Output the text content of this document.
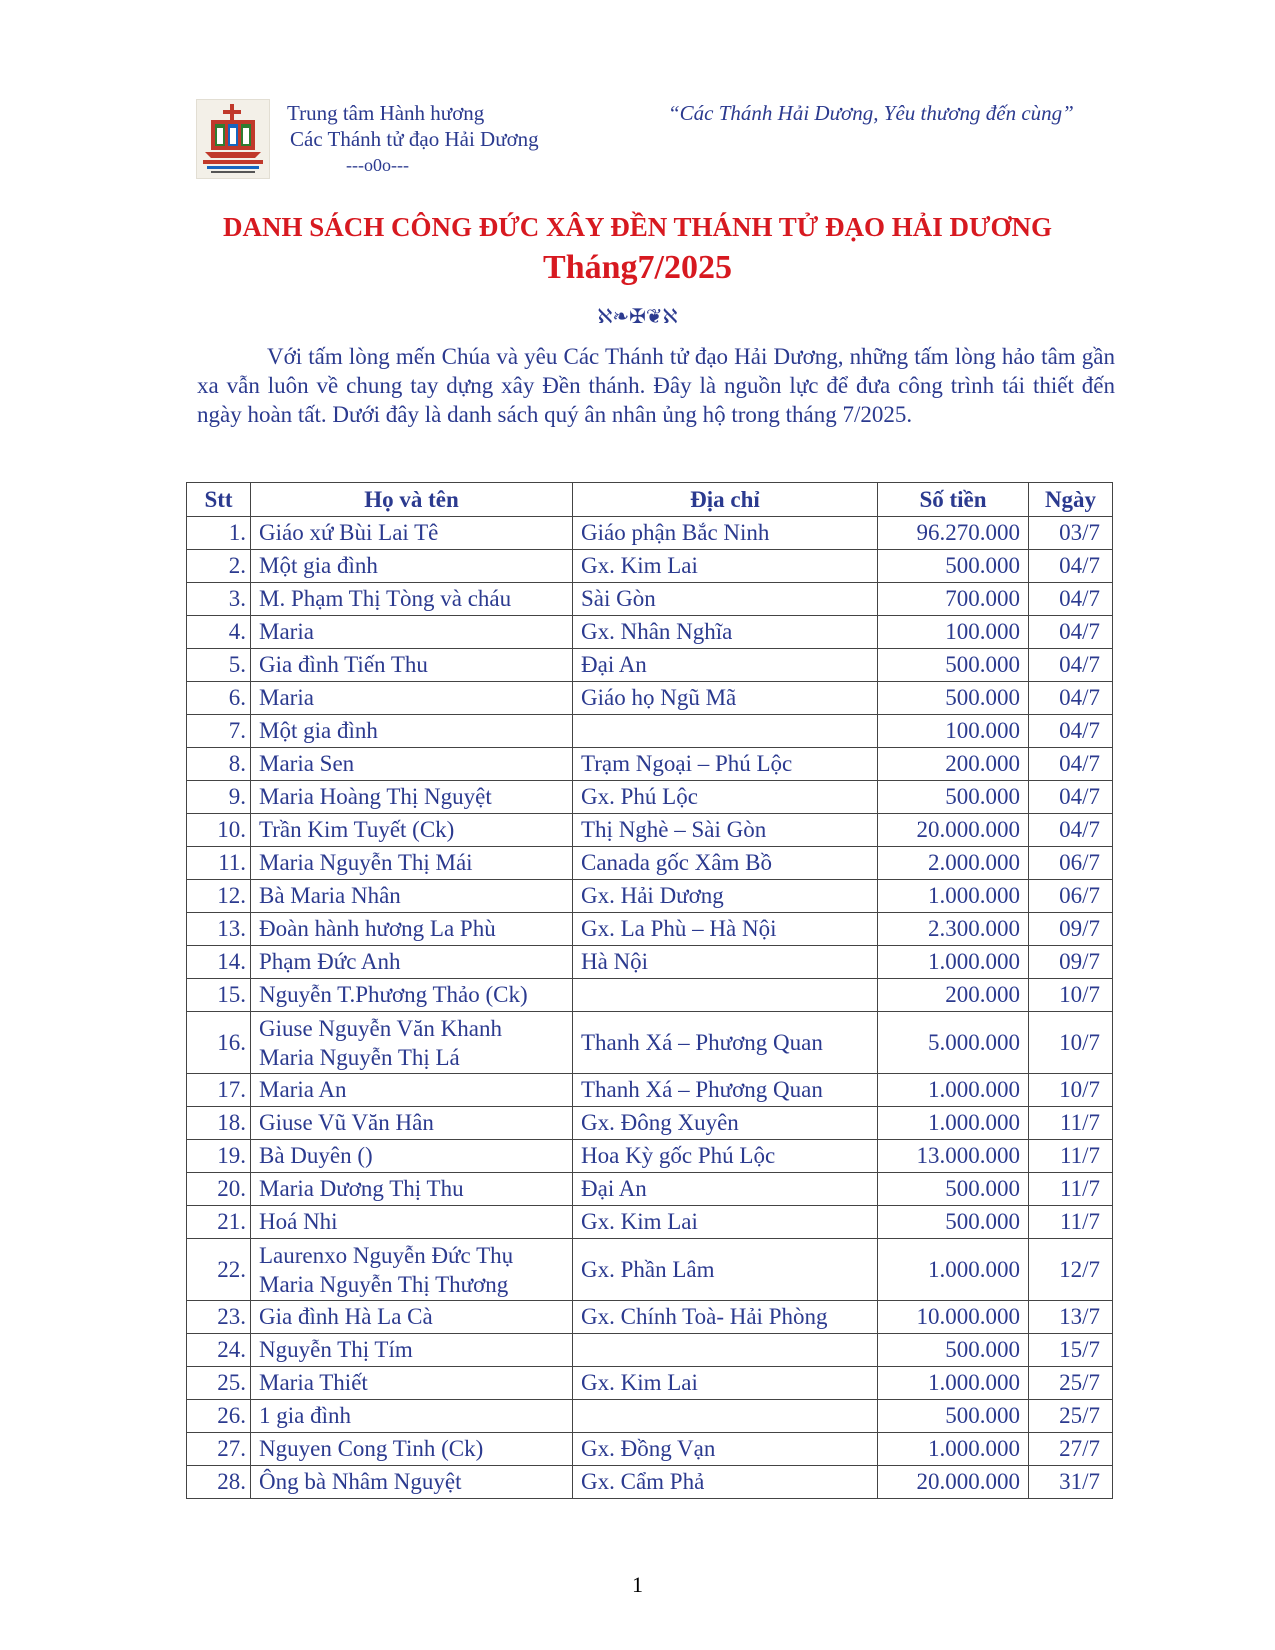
Trung tâm Hành hương
Các Thánh tử đạo Hải Dương
---o0o---
“Các Thánh Hải Dương, Yêu thương đến cùng”
DANH SÁCH CÔNG ĐỨC XÂY ĐỀN THÁNH TỬ ĐẠO HẢI DƯƠNG
Tháng7/2025
ℵ❧✠❦ℵ

Với tấm lòng mến Chúa và yêu Các Thánh tử đạo Hải Dương, những tấm lòng hảo tâm gần xa vẫn luôn về chung tay dựng xây Đền thánh. Đây là nguồn lực để đưa công trình tái thiết đến ngày hoàn tất. Dưới đây là danh sách quý ân nhân ủng hộ trong tháng 7/2025.

Stt	Họ và tên	Địa chỉ	Số tiền	Ngày
1.	Giáo xứ Bùi Lai Tê	Giáo phận Bắc Ninh	96.270.000	03/7
2.	Một gia đình	Gx. Kim Lai	500.000	04/7
3.	M. Phạm Thị Tòng và cháu	Sài Gòn	700.000	04/7
4.	Maria	Gx. Nhân Nghĩa	100.000	04/7
5.	Gia đình Tiến Thu	Đại An	500.000	04/7
6.	Maria	Giáo họ Ngũ Mã	500.000	04/7
7.	Một gia đình		100.000	04/7
8.	Maria Sen	Trạm Ngoại – Phú Lộc	200.000	04/7
9.	Maria Hoàng Thị Nguyệt	Gx. Phú Lộc	500.000	04/7
10.	Trần Kim Tuyết (Ck)	Thị Nghè – Sài Gòn	20.000.000	04/7
11.	Maria Nguyễn Thị Mái	Canada gốc Xâm Bồ	2.000.000	06/7
12.	Bà Maria Nhân	Gx. Hải Dương	1.000.000	06/7
13.	Đoàn hành hương La Phù	Gx. La Phù – Hà Nội	2.300.000	09/7
14.	Phạm Đức Anh	Hà Nội	1.000.000	09/7
15.	Nguyễn T.Phương Thảo (Ck)		200.000	10/7
16.	Giuse Nguyễn Văn Khanh
Maria Nguyễn Thị Lá	Thanh Xá – Phương Quan	5.000.000	10/7
17.	Maria An	Thanh Xá – Phương Quan	1.000.000	10/7
18.	Giuse Vũ Văn Hân	Gx. Đông Xuyên	1.000.000	11/7
19.	Bà Duyên ()	Hoa Kỳ gốc Phú Lộc	13.000.000	11/7
20.	Maria Dương Thị Thu	Đại An	500.000	11/7
21.	Hoá Nhi	Gx. Kim Lai	500.000	11/7
22.	Laurenxo Nguyễn Đức Thụ
Maria Nguyễn Thị Thương	Gx. Phần Lâm	1.000.000	12/7
23.	Gia đình Hà La Cà	Gx. Chính Toà- Hải Phòng	10.000.000	13/7
24.	Nguyễn Thị Tím		500.000	15/7
25.	Maria Thiết	Gx. Kim Lai	1.000.000	25/7
26.	1 gia đình		500.000	25/7
27.	Nguyen Cong Tinh (Ck)	Gx. Đồng Vạn	1.000.000	27/7
28.	Ông bà Nhâm Nguyệt	Gx. Cẩm Phả	20.000.000	31/7
1
